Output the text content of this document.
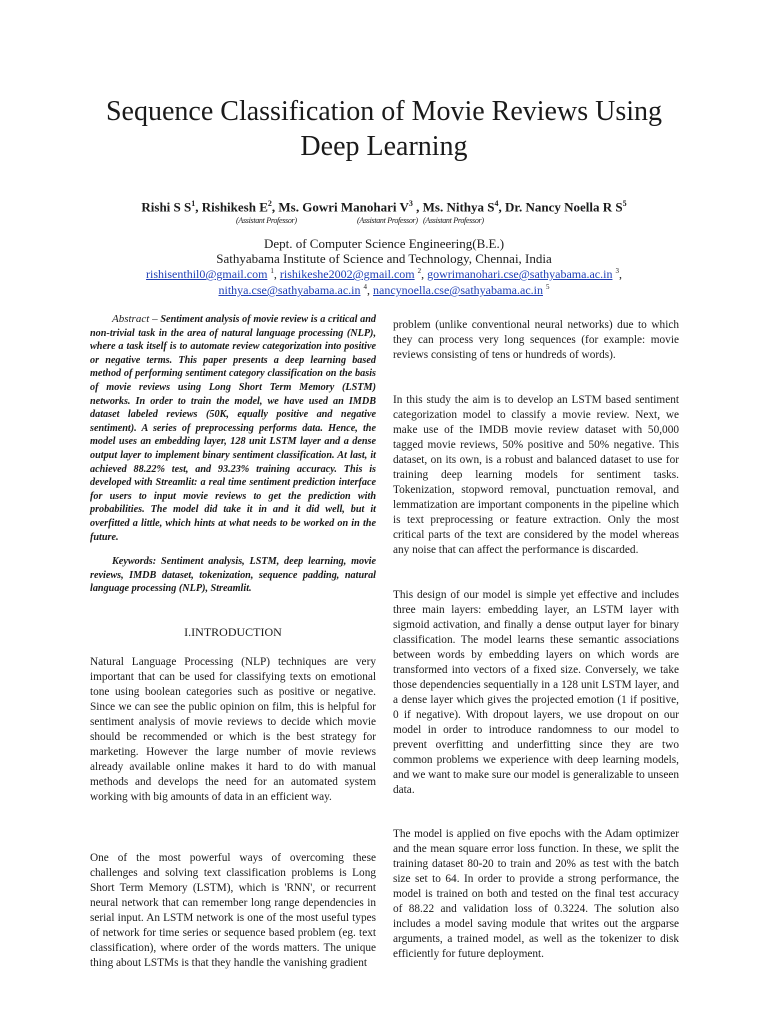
Sequence Classification of Movie Reviews Using
Deep Learning
Rishi S $S^1$, Rishikesh $E^2$, Ms. Gowri Manohari $V^3$ , Ms. Nithya $S^4$, Dr. Nancy Noella R $S^5$
(Assistant Professor)	(Assistant Professor) (Assistant Professor)
Dept. of Computer Science Engineering(B.E.)
Sathyabama Institute of Science and Technology, Chennai, India
rishisenthil0@gmail.com $^1$, rishikeshe2002@gmail.com $^2$, gowrimanohari.cse@sathyabama.ac.in $^3$,
nithya.cse@sathyabama.ac.in $^4$, nancynoella.cse@sathyabama.ac.in $^5$

Abstract – Sentiment analysis of movie review is a critical and non-trivial task in the area of natural language processing (NLP), where a task itself is to automate review categorization into positive or negative terms. This paper presents a deep learning based method of performing sentiment category classification on the basis of movie reviews using Long Short Term Memory (LSTM) networks. In order to train the model, we have used an IMDB dataset labeled reviews (50K, equally positive and negative sentiment). A series of preprocessing performs data. Hence, the model uses an embedding layer, 128 unit LSTM layer and a dense output layer to implement binary sentiment classification. At last, it achieved 88.22% test, and 93.23% training accuracy. This is developed with Streamlit: a real time sentiment prediction interface for users to input movie reviews to get the prediction with probabilities. The model did take it in and it did well, but it overfitted a little, which hints at what needs to be worked on in the future.

Keywords: Sentiment analysis, LSTM, deep learning, movie reviews, IMDB dataset, tokenization, sequence padding, natural language processing (NLP), Streamlit.
I.INTRODUCTION
Natural Language Processing (NLP) techniques are very important that can be used for classifying texts on emotional tone using boolean categories such as positive or negative. Since we can see the public opinion on film, this is helpful for sentiment analysis of movie reviews to decide which movie should be recommended or which is the best strategy for marketing. However the large number of movie reviews already available online makes it hard to do with manual methods and develops the need for an automated system working with big amounts of data in an efficient way.
One of the most powerful ways of overcoming these challenges and solving text classification problems is Long Short Term Memory (LSTM), which is 'RNN', or recurrent neural network that can remember long range dependencies in serial input. An LSTM network is one of the most useful types of network for time series or sequence based problem (eg. text classification), where order of the words matters. The unique thing about LSTMs is that they handle the vanishing gradient
problem (unlike conventional neural networks) due to which they can process very long sequences (for example: movie reviews consisting of tens or hundreds of words).
In this study the aim is to develop an LSTM based sentiment categorization model to classify a movie review. Next, we make use of the IMDB movie review dataset with 50,000 tagged movie reviews, 50% positive and 50% negative. This dataset, on its own, is a robust and balanced dataset to use for training deep learning models for sentiment tasks. Tokenization, stopword removal, punctuation removal, and lemmatization are important components in the pipeline which is text preprocessing or feature extraction. Only the most critical parts of the text are considered by the model whereas any noise that can affect the performance is discarded.
This design of our model is simple yet effective and includes three main layers: embedding layer, an LSTM layer with sigmoid activation, and finally a dense output layer for binary classification. The model learns these semantic associations between words by embedding layers on which words are transformed into vectors of a fixed size. Conversely, we take those dependencies sequentially in a 128 unit LSTM layer, and a dense layer which gives the projected emotion (1 if positive, 0 if negative). With dropout layers, we use dropout on our model in order to introduce randomness to our model to prevent overfitting and underfitting since they are two common problems we experience with deep learning models, and we want to make sure our model is generalizable to unseen data.
The model is applied on five epochs with the Adam optimizer and the mean square error loss function. In these, we split the training dataset 80-20 to train and 20% as test with the batch size set to 64. In order to provide a strong performance, the model is trained on both and tested on the final test accuracy of 88.22 and validation loss of 0.3224. The solution also includes a model saving module that writes out the argparse arguments, a trained model, as well as the tokenizer to disk efficiently for future deployment.
